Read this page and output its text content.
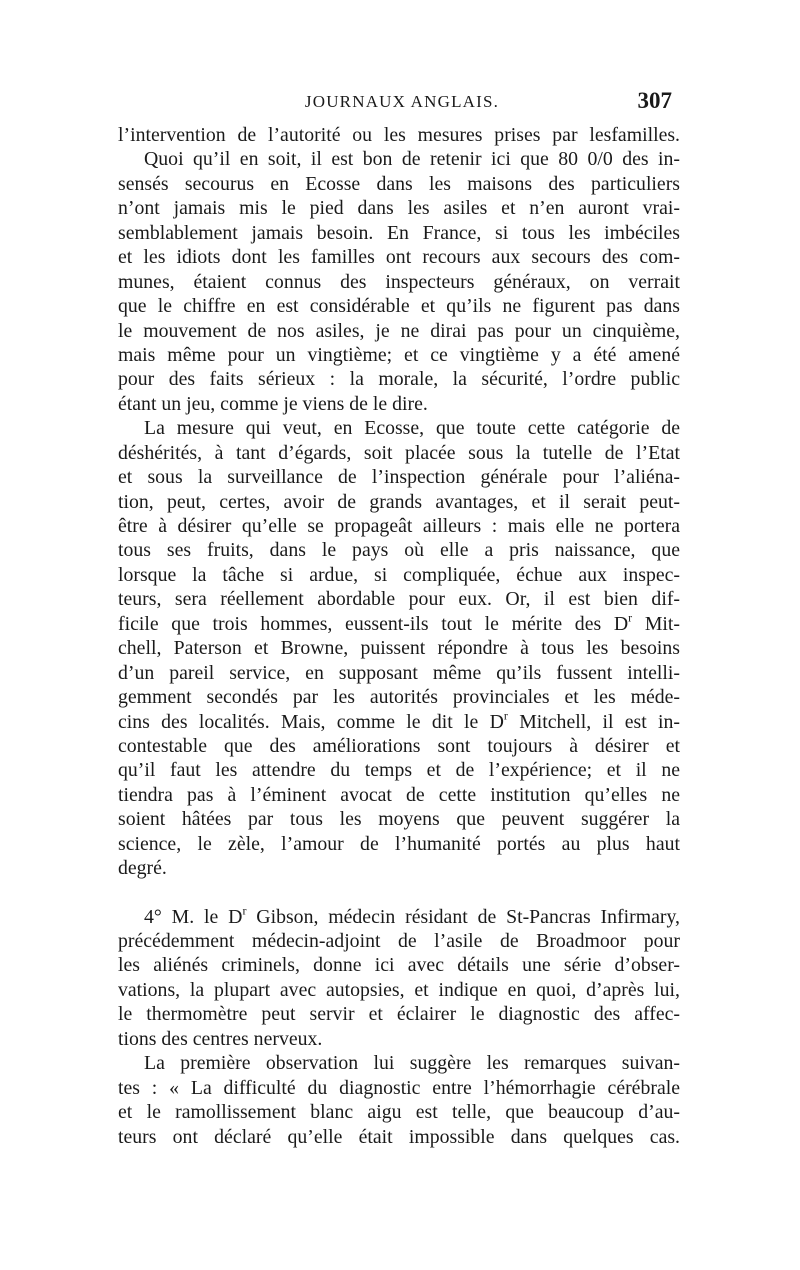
JOURNAUX ANGLAIS.	307
l’intervention de l’autorité ou les mesures prises par lesfamilles.
Quoi qu’il en soit, il est bon de retenir ici que 80 0/0 des in-
sensés secourus en Ecosse dans les maisons des particuliers
n’ont jamais mis le pied dans les asiles et n’en auront vrai-
semblablement jamais besoin. En France, si tous les imbéciles
et les idiots dont les familles ont recours aux secours des com-
munes, étaient connus des inspecteurs généraux, on verrait
que le chiffre en est considérable et qu’ils ne figurent pas dans
le mouvement de nos asiles, je ne dirai pas pour un cinquième,
mais même pour un vingtième; et ce vingtième y a été amené
pour des faits sérieux : la morale, la sécurité, l’ordre public
étant un jeu, comme je viens de le dire.
La mesure qui veut, en Ecosse, que toute cette catégorie de
déshérités, à tant d’égards, soit placée sous la tutelle de l’Etat
et sous la surveillance de l’inspection générale pour l’aliéna-
tion, peut, certes, avoir de grands avantages, et il serait peut-
être à désirer qu’elle se propageât ailleurs : mais elle ne portera
tous ses fruits, dans le pays où elle a pris naissance, que
lorsque la tâche si ardue, si compliquée, échue aux inspec-
teurs, sera réellement abordable pour eux. Or, il est bien dif-
ficile que trois hommes, eussent-ils tout le mérite des $D^r$ Mit-
chell, Paterson et Browne, puissent répondre à tous les besoins
d’un pareil service, en supposant même qu’ils fussent intelli-
gemment secondés par les autorités provinciales et les méde-
cins des localités. Mais, comme le dit le $D^r$ Mitchell, il est in-
contestable que des améliorations sont toujours à désirer et
qu’il faut les attendre du temps et de l’expérience; et il ne
tiendra pas à l’éminent avocat de cette institution qu’elles ne
soient hâtées par tous les moyens que peuvent suggérer la
science, le zèle, l’amour de l’humanité portés au plus haut
degré.
4° M. le $D^r$ Gibson, médecin résidant de St-Pancras Infirmary,
précédemment médecin-adjoint de l’asile de Broadmoor pour
les aliénés criminels, donne ici avec détails une série d’obser-
vations, la plupart avec autopsies, et indique en quoi, d’après lui,
le thermomètre peut servir et éclairer le diagnostic des affec-
tions des centres nerveux.
La première observation lui suggère les remarques suivan-
tes : « La difficulté du diagnostic entre l’hémorrhagie cérébrale
et le ramollissement blanc aigu est telle, que beaucoup d’au-
teurs ont déclaré qu’elle était impossible dans quelques cas.
